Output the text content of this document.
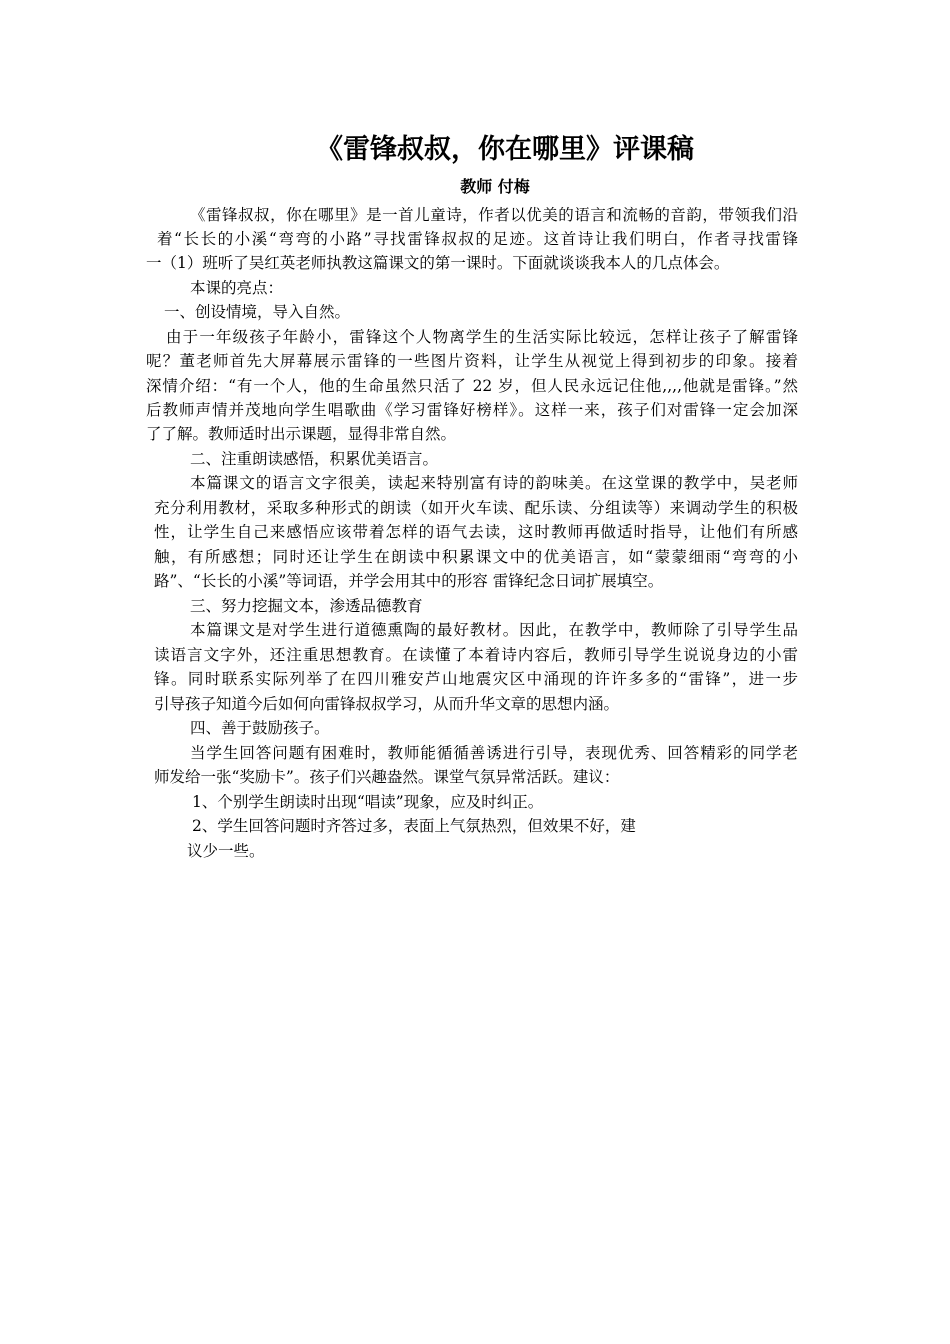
《雷锋叔叔，你在哪里》评课稿
教师 付梅
《雷锋叔叔，你在哪里》是一首儿童诗，作者以优美的语言和流畅的音韵，带领我们沿
着“长长的小溪“弯弯的小路”寻找雷锋叔叔的足迹。这首诗让我们明白，作者寻找雷锋
一（1）班听了吴红英老师执教这篇课文的第一课时。下面就谈谈我本人的几点体会。
本课的亮点：
一、创设情境，导入自然。
由于一年级孩子年龄小，雷锋这个人物离学生的生活实际比较远，怎样让孩子了解雷锋
呢？董老师首先大屏幕展示雷锋的一些图片资料，让学生从视觉上得到初步的印象。接着
深情介绍：“有一个人，他的生命虽然只活了 22 岁，但人民永远记住他,,,,他就是雷锋。”然
后教师声情并茂地向学生唱歌曲《学习雷锋好榜样》。这样一来，孩子们对雷锋一定会加深
了了解。教师适时出示课题，显得非常自然。
二、注重朗读感悟，积累优美语言。
本篇课文的语言文字很美，读起来特别富有诗的韵味美。在这堂课的教学中，吴老师
充分利用教材，采取多种形式的朗读（如开火车读、配乐读、分组读等）来调动学生的积极
性，让学生自己来感悟应该带着怎样的语气去读，这时教师再做适时指导，让他们有所感
触，有所感想；同时还让学生在朗读中积累课文中的优美语言，如“蒙蒙细雨“弯弯的小
路”、“长长的小溪”等词语，并学会用其中的形容 雷锋纪念日词扩展填空。
三、努力挖掘文本，渗透品德教育
本篇课文是对学生进行道德熏陶的最好教材。因此，在教学中，教师除了引导学生品
读语言文字外，还注重思想教育。在读懂了本着诗内容后，教师引导学生说说身边的小雷
锋。同时联系实际列举了在四川雅安芦山地震灾区中涌现的许许多多的“雷锋”，进一步
引导孩子知道今后如何向雷锋叔叔学习，从而升华文章的思想内涵。
四、善于鼓励孩子。
当学生回答问题有困难时，教师能循循善诱进行引导，表现优秀、回答精彩的同学老
师发给一张“奖励卡”。孩子们兴趣盎然。课堂气氛异常活跃。建议：
1、个别学生朗读时出现“唱读”现象，应及时纠正。
2、学生回答问题时齐答过多，表面上气氛热烈，但效果不好，建
议少一些。
